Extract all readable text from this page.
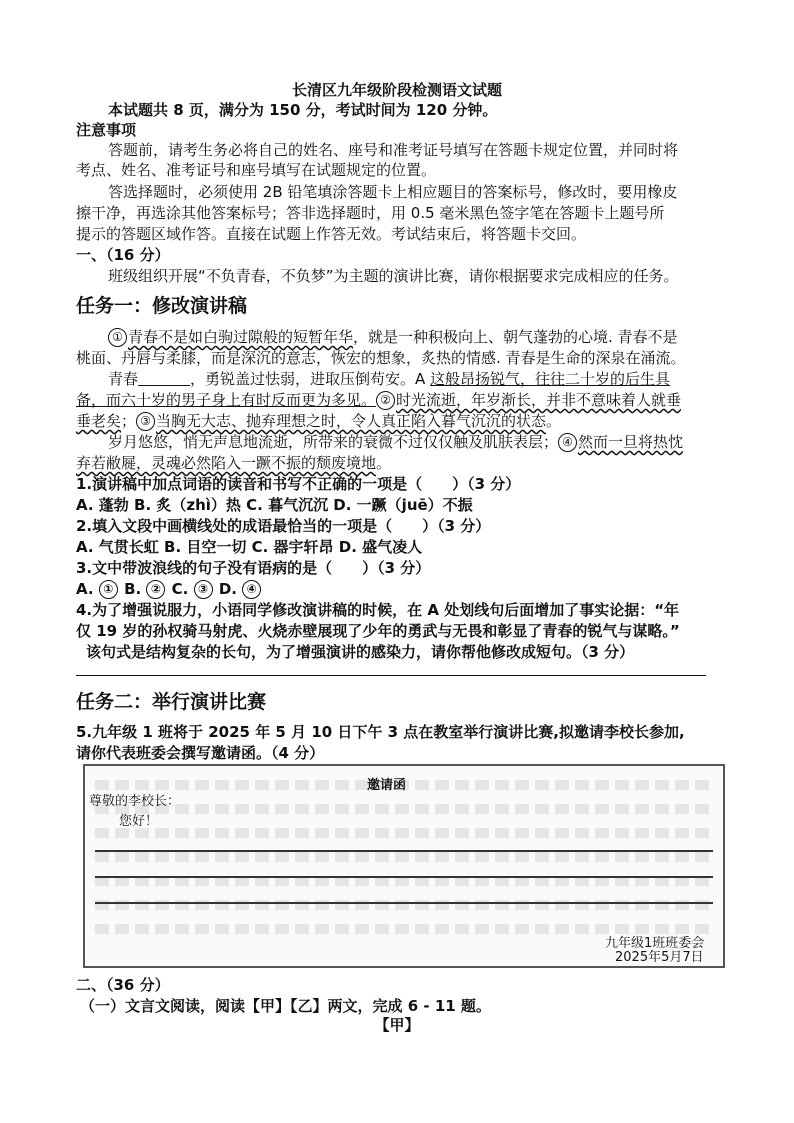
长清区九年级阶段检测语文试题
本试题共 8 页，满分为 150 分，考试时间为 120 分钟。
注意事项
答题前，请考生务必将自己的姓名、座号和准考证号填写在答题卡规定位置，并同时将
考点、姓名、准考证号和座号填写在试题规定的位置。
答选择题时，必须使用 2B 铅笔填涂答题卡上相应题目的答案标号，修改时，要用橡皮
擦干净，再选涂其他答案标号；答非选择题时，用 0.5 毫米黑色签字笔在答题卡上题号所
提示的答题区域作答。直接在试题上作答无效。考试结束后，将答题卡交回。
一、（16 分）
班级组织开展“不负青春，不负梦”为主题的演讲比赛，请你根据要求完成相应的任务。
任务一：修改演讲稿
① 青春不是如白驹过隙般的短暂年华，就是一种积极向上、朝气蓬勃的心境. 青春不是
桃面、丹唇与柔膝，而是深沉的意志，恢宏的想象，炙热的情感. 青春是生命的深泉在涌流。
青春	，勇锐盖过怯弱，进取压倒苟安。A 这般昂扬锐气，往往二十岁的后生具
备，而六十岁的男子身上有时反而更为多见。 ② 时光流逝，年岁渐长，并非不意味着人就垂
垂老矣； ③ 当胸无大志、抛弃理想之时，令人真正陷入暮气沉沉的状态。
岁月悠悠，悄无声息地流逝，所带来的衰微不过仅仅触及肌肤表层； ④ 然而一旦将热忱
弃若敝屣，灵魂必然陷入一蹶不振的颓废境地。
1.演讲稿中加点词语的读音和书写不正确的一项是（　　）（3 分）
A. 蓬勃 B. 炙（zhì）热 C. 暮气沉沉 D. 一蹶（juē）不振
2.填入文段中画横线处的成语最恰当的一项是（　　）（3 分）
A. 气贯长虹 B. 目空一切 C. 器宇轩昂 D. 盛气凌人
3.文中带波浪线的句子没有语病的是（　　）（3 分）
A. ① B. ② C. ③ D. ④
4.为了增强说服力，小语同学修改演讲稿的时候，在 A 处划线句后面增加了事实论据：“年
仅 19 岁的孙权骑马射虎、火烧赤壁展现了少年的勇武与无畏和彰显了青春的锐气与谋略。”
该句式是结构复杂的长句，为了增强演讲的感染力，请你帮他修改成短句。（3 分）
任务二：举行演讲比赛
5.九年级 1 班将于 2025 年 5 月 10 日下午 3 点在教室举行演讲比赛,拟邀请李校长参加,
请你代表班委会撰写邀请函。（4 分）
邀请函
尊敬的李校长：
您好！
九年级1班班委会
2025年5月7日
二、（36 分）
（一）文言文阅读，阅读【甲】【乙】两文，完成 6 - 11 题。
【甲】
